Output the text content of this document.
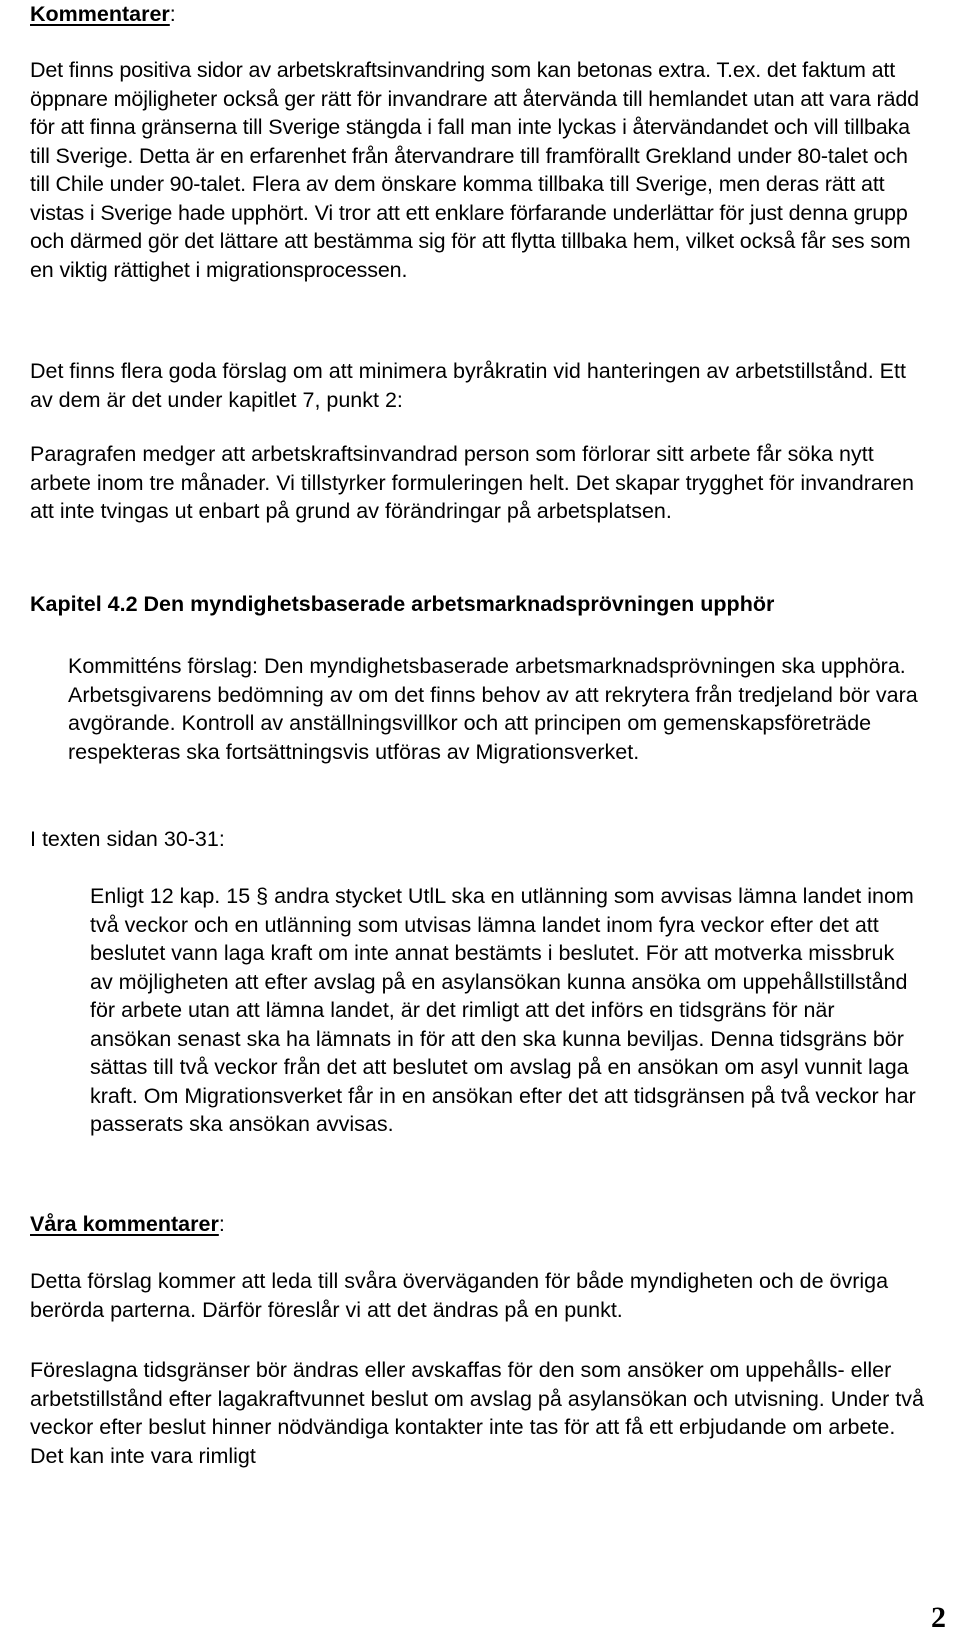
Kommentarer:

Det finns positiva sidor av arbetskraftsinvandring som kan betonas extra. T.ex. det faktum att öppnare möjligheter också ger rätt för invandrare att återvända till hemlandet utan att vara rädd för att finna gränserna till Sverige stängda i fall man inte lyckas i återvändandet och vill tillbaka till Sverige. Detta är en erfarenhet från återvandrare till framförallt Grekland under 80-talet och till Chile under 90-talet. Flera av dem önskare komma tillbaka till Sverige, men deras rätt att vistas i Sverige hade upphört. Vi tror att ett enklare förfarande underlättar för just denna grupp och därmed gör det lättare att bestämma sig för att flytta tillbaka hem, vilket också får ses som en viktig rättighet i migrationsprocessen.

Det finns flera goda förslag om att minimera byråkratin vid hanteringen av arbetstillstånd. Ett av dem är det under kapitlet 7, punkt 2:

Paragrafen medger att arbetskraftsinvandrad person som förlorar sitt arbete får söka nytt arbete inom tre månader. Vi tillstyrker formuleringen helt. Det skapar trygghet för invandraren att inte tvingas ut enbart på grund av förändringar på arbetsplatsen.

Kapitel 4.2 Den myndighetsbaserade arbetsmarknadsprövningen upphör

Kommitténs förslag: Den myndighetsbaserade arbetsmarknadsprövningen ska upphöra. Arbetsgivarens bedömning av om det finns behov av att rekrytera från tredjeland bör vara avgörande. Kontroll av anställningsvillkor och att principen om gemenskapsföreträde respekteras ska fortsättningsvis utföras av Migrationsverket.

I texten sidan 30-31:

Enligt 12 kap. 15 § andra stycket UtlL ska en utlänning som avvisas lämna landet inom två veckor och en utlänning som utvisas lämna landet inom fyra veckor efter det att beslutet vann laga kraft om inte annat bestämts i beslutet. För att motverka missbruk av möjligheten att efter avslag på en asylansökan kunna ansöka om uppehållstillstånd för arbete utan att lämna landet, är det rimligt att det införs en tidsgräns för när ansökan senast ska ha lämnats in för att den ska kunna beviljas. Denna tidsgräns bör sättas till två veckor från det att beslutet om avslag på en ansökan om asyl vunnit laga kraft. Om Migrationsverket får in en ansökan efter det att tidsgränsen på två veckor har passerats ska ansökan avvisas.

Våra kommentarer:

Detta förslag kommer att leda till svåra överväganden för både myndigheten och de övriga berörda parterna. Därför föreslår vi att det ändras på en punkt.

Föreslagna tidsgränser bör ändras eller avskaffas för den som ansöker om uppehålls- eller arbetstillstånd efter lagakraftvunnet beslut om avslag på asylansökan och utvisning. Under två veckor efter beslut hinner nödvändiga kontakter inte tas för att få ett erbjudande om arbete. Det kan inte vara rimligt

2
